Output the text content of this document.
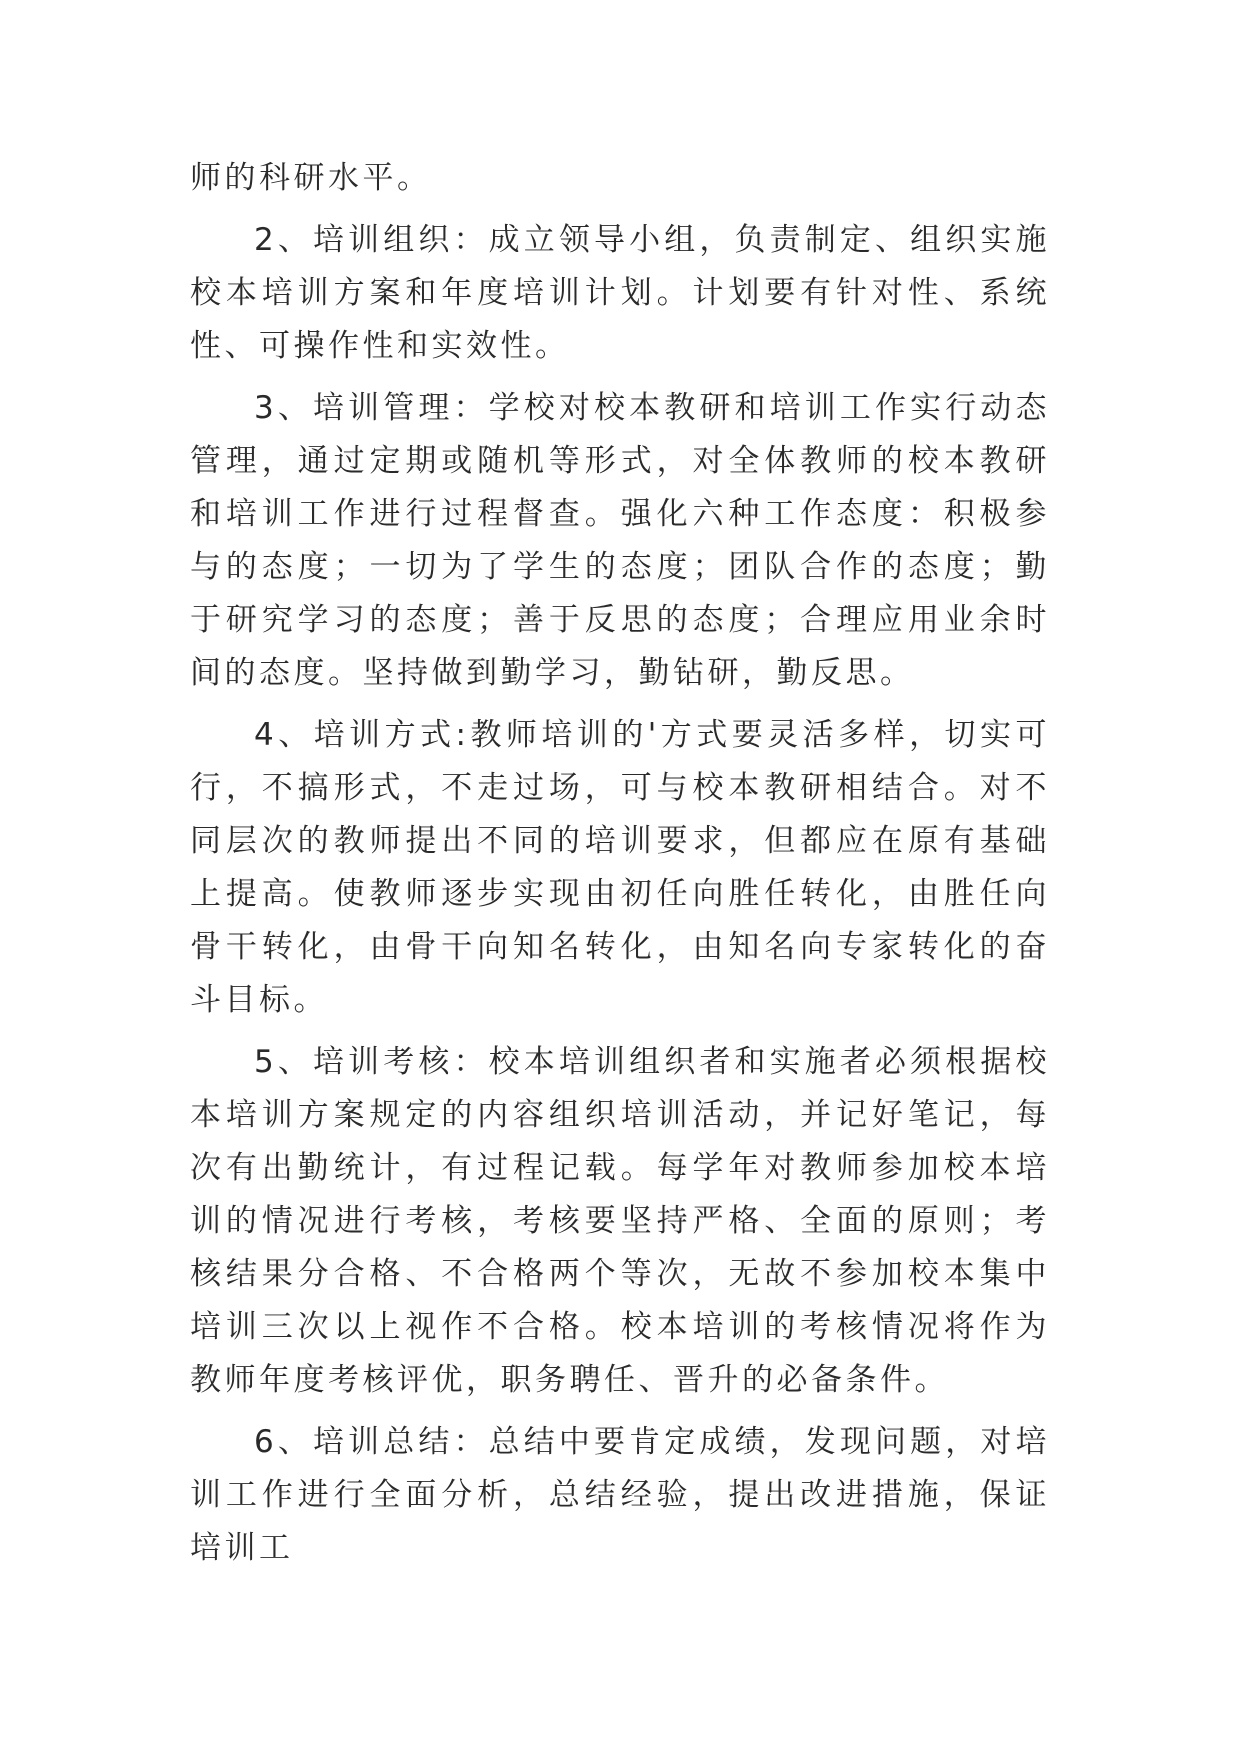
师的科研水平。

2、培训组织：成立领导小组，负责制定、组织实施校本培训方案和年度培训计划。计划要有针对性、系统性、可操作性和实效性。

3、培训管理：学校对校本教研和培训工作实行动态管理，通过定期或随机等形式，对全体教师的校本教研和培训工作进行过程督查。强化六种工作态度：积极参与的态度；一切为了学生的态度；团队合作的态度；勤于研究学习的态度；善于反思的态度；合理应用业余时间的态度。坚持做到勤学习，勤钻研，勤反思。

4、培训方式:教师培训的'方式要灵活多样，切实可行，不搞形式，不走过场，可与校本教研相结合。对不同层次的教师提出不同的培训要求，但都应在原有基础上提高。使教师逐步实现由初任向胜任转化，由胜任向骨干转化，由骨干向知名转化，由知名向专家转化的奋斗目标。

5、培训考核：校本培训组织者和实施者必须根据校本培训方案规定的内容组织培训活动，并记好笔记，每次有出勤统计，有过程记载。每学年对教师参加校本培训的情况进行考核，考核要坚持严格、全面的原则；考核结果分合格、不合格两个等次，无故不参加校本集中培训三次以上视作不合格。校本培训的考核情况将作为教师年度考核评优，职务聘任、晋升的必备条件。

6、培训总结：总结中要肯定成绩，发现问题，对培训工作进行全面分析，总结经验，提出改进措施，保证培训工
